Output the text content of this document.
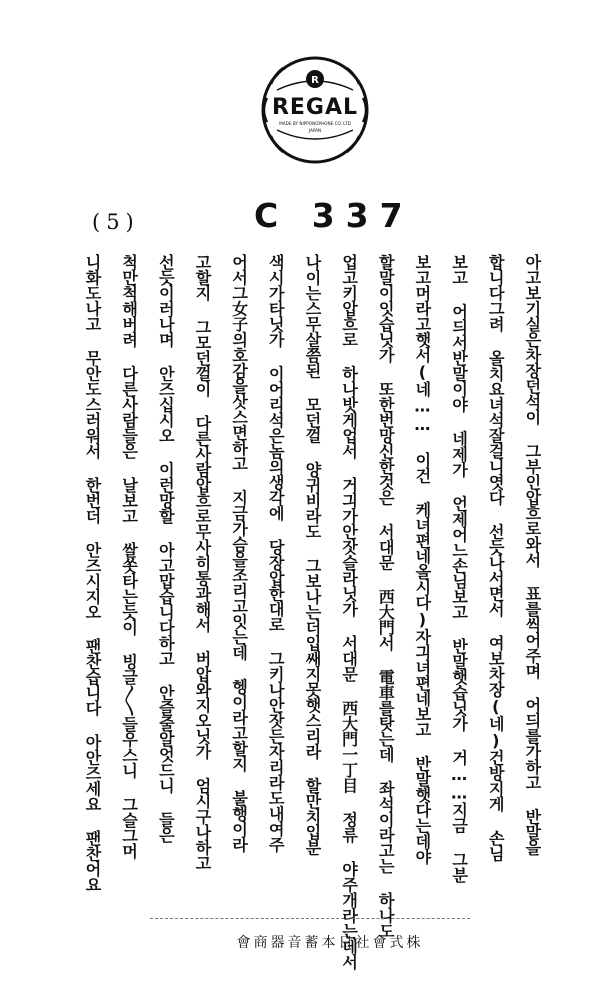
R
REGAL
MADE BY NIPPONOPHONE CO. LTD
JAPAN
(5)	C 337
아고보기실은차장던석이 그부인압흐로와서 표를씩어주며 어듸를가하고 반말을
합니다그려 올치요녀석잘걸니엿다 선듯나서면서 여보차장(네)건방지게 손님
보고 어듸서반말이야 네제가 언제어느손님보고 반말햇습닛가 거……지금 그분
보고머라고햇서(네…… 이건 케녀편네올시다)자긔녀편네보고 반말햇다는데야
할말이잇습닛가 또한번망신한것은 서대문 西大門서 電車를탓는데 좌석이라고는 하나도
업고키압흐로 하나밧게업서 거긔가안잣슬라닛가 서대문 西大門一丁目 정류 야주개라는데서
나이는스무살쯤된 모던껄 양귀비라도 그보나는더입쌔지못햇스리라 할만치입분
색시가타닛가 이어리석은놈의생각에 당장압한대로 그키나안잣든자리라도내여주
어서그女子의호감을삿스면하고 지금가슴을조리고잇는데 헹이라고할지 불행이라
고할지 그모던껄이 다른사람압흐로무사히통과해서 버압와지오닛가 엄시구나하고
선듯이러나며 안즈십시오 이런망할 아고맙습니다하고 안즐줄알엇드니 들은
척만척해버려 다른사람들은 날보고 쌀쏫타는듯이 빙글〳〵들우스니 그슬그머
니화도나고 무안도스러워서 한번더 안즈시지오 팬찬습니다 아안즈세요 팬찬어요
會商器音蓄本日社會式株
